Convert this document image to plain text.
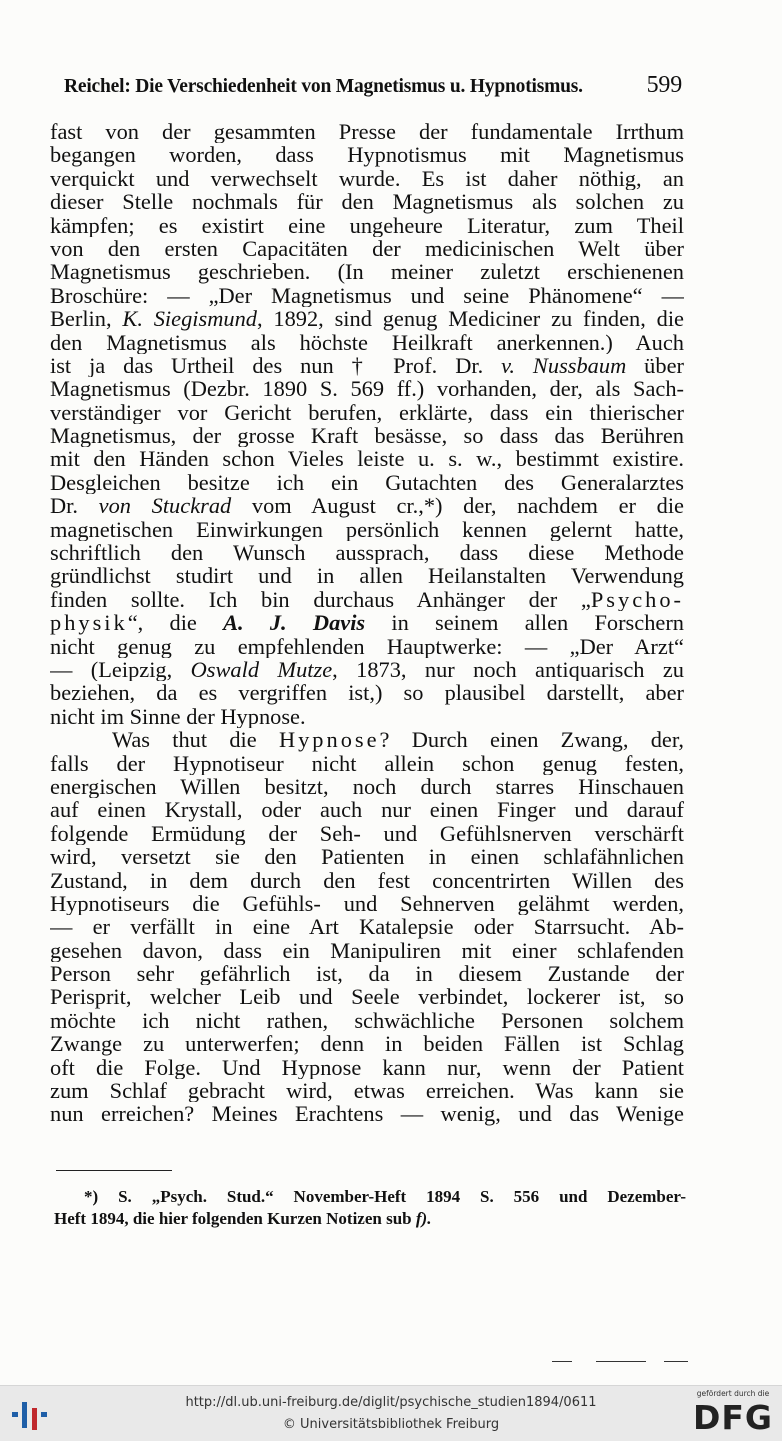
Reichel: Die Verschiedenheit von Magnetismus u. Hypnotismus.	599
fast von der gesammten Presse der fundamentale Irrthum
begangen worden, dass Hypnotismus mit Magnetismus
verquickt und verwechselt wurde. Es ist daher nöthig, an
dieser Stelle nochmals für den Magnetismus als solchen zu
kämpfen; es existirt eine ungeheure Literatur, zum Theil
von den ersten Capacitäten der medicinischen Welt über
Magnetismus geschrieben. (In meiner zuletzt erschienenen
Broschüre: — „Der Magnetismus und seine Phänomene“ —
Berlin, K. Siegismund, 1892, sind genug Mediciner zu finden, die
den Magnetismus als höchste Heilkraft anerkennen.) Auch
ist ja das Urtheil des nun † Prof. Dr. v. Nussbaum über
Magnetismus (Dezbr. 1890 S. 569 ff.) vorhanden, der, als Sach-
verständiger vor Gericht berufen, erklärte, dass ein thierischer
Magnetismus, der grosse Kraft besässe, so dass das Berühren
mit den Händen schon Vieles leiste u. s. w., bestimmt existire.
Desgleichen besitze ich ein Gutachten des Generalarztes
Dr. von Stuckrad vom August cr.,*) der, nachdem er die
magnetischen Einwirkungen persönlich kennen gelernt hatte,
schriftlich den Wunsch aussprach, dass diese Methode
gründlichst studirt und in allen Heilanstalten Verwendung
finden sollte. Ich bin durchaus Anhänger der „Psycho-
physik“, die A. J. Davis in seinem allen Forschern
nicht genug zu empfehlenden Hauptwerke: — „Der Arzt“
— (Leipzig, Oswald Mutze, 1873, nur noch antiquarisch zu
beziehen, da es vergriffen ist,) so plausibel darstellt, aber
nicht im Sinne der Hypnose.
Was thut die Hypnose? Durch einen Zwang, der,
falls der Hypnotiseur nicht allein schon genug festen,
energischen Willen besitzt, noch durch starres Hinschauen
auf einen Krystall, oder auch nur einen Finger und darauf
folgende Ermüdung der Seh- und Gefühlsnerven verschärft
wird, versetzt sie den Patienten in einen schlafähnlichen
Zustand, in dem durch den fest concentrirten Willen des
Hypnotiseurs die Gefühls- und Sehnerven gelähmt werden,
— er verfällt in eine Art Katalepsie oder Starrsucht. Ab-
gesehen davon, dass ein Manipuliren mit einer schlafenden
Person sehr gefährlich ist, da in diesem Zustande der
Perisprit, welcher Leib und Seele verbindet, lockerer ist, so
möchte ich nicht rathen, schwächliche Personen solchem
Zwange zu unterwerfen; denn in beiden Fällen ist Schlag
oft die Folge. Und Hypnose kann nur, wenn der Patient
zum Schlaf gebracht wird, etwas erreichen. Was kann sie
nun erreichen? Meines Erachtens — wenig, und das Wenige
*) S. „Psych. Stud.“ November-Heft 1894 S. 556 und Dezember-
Heft 1894, die hier folgenden Kurzen Notizen sub f).
http://dl.ub.uni-freiburg.de/diglit/psychische_studien1894/0611
© Universitätsbibliothek Freiburg
gefördert durch die
DFG
